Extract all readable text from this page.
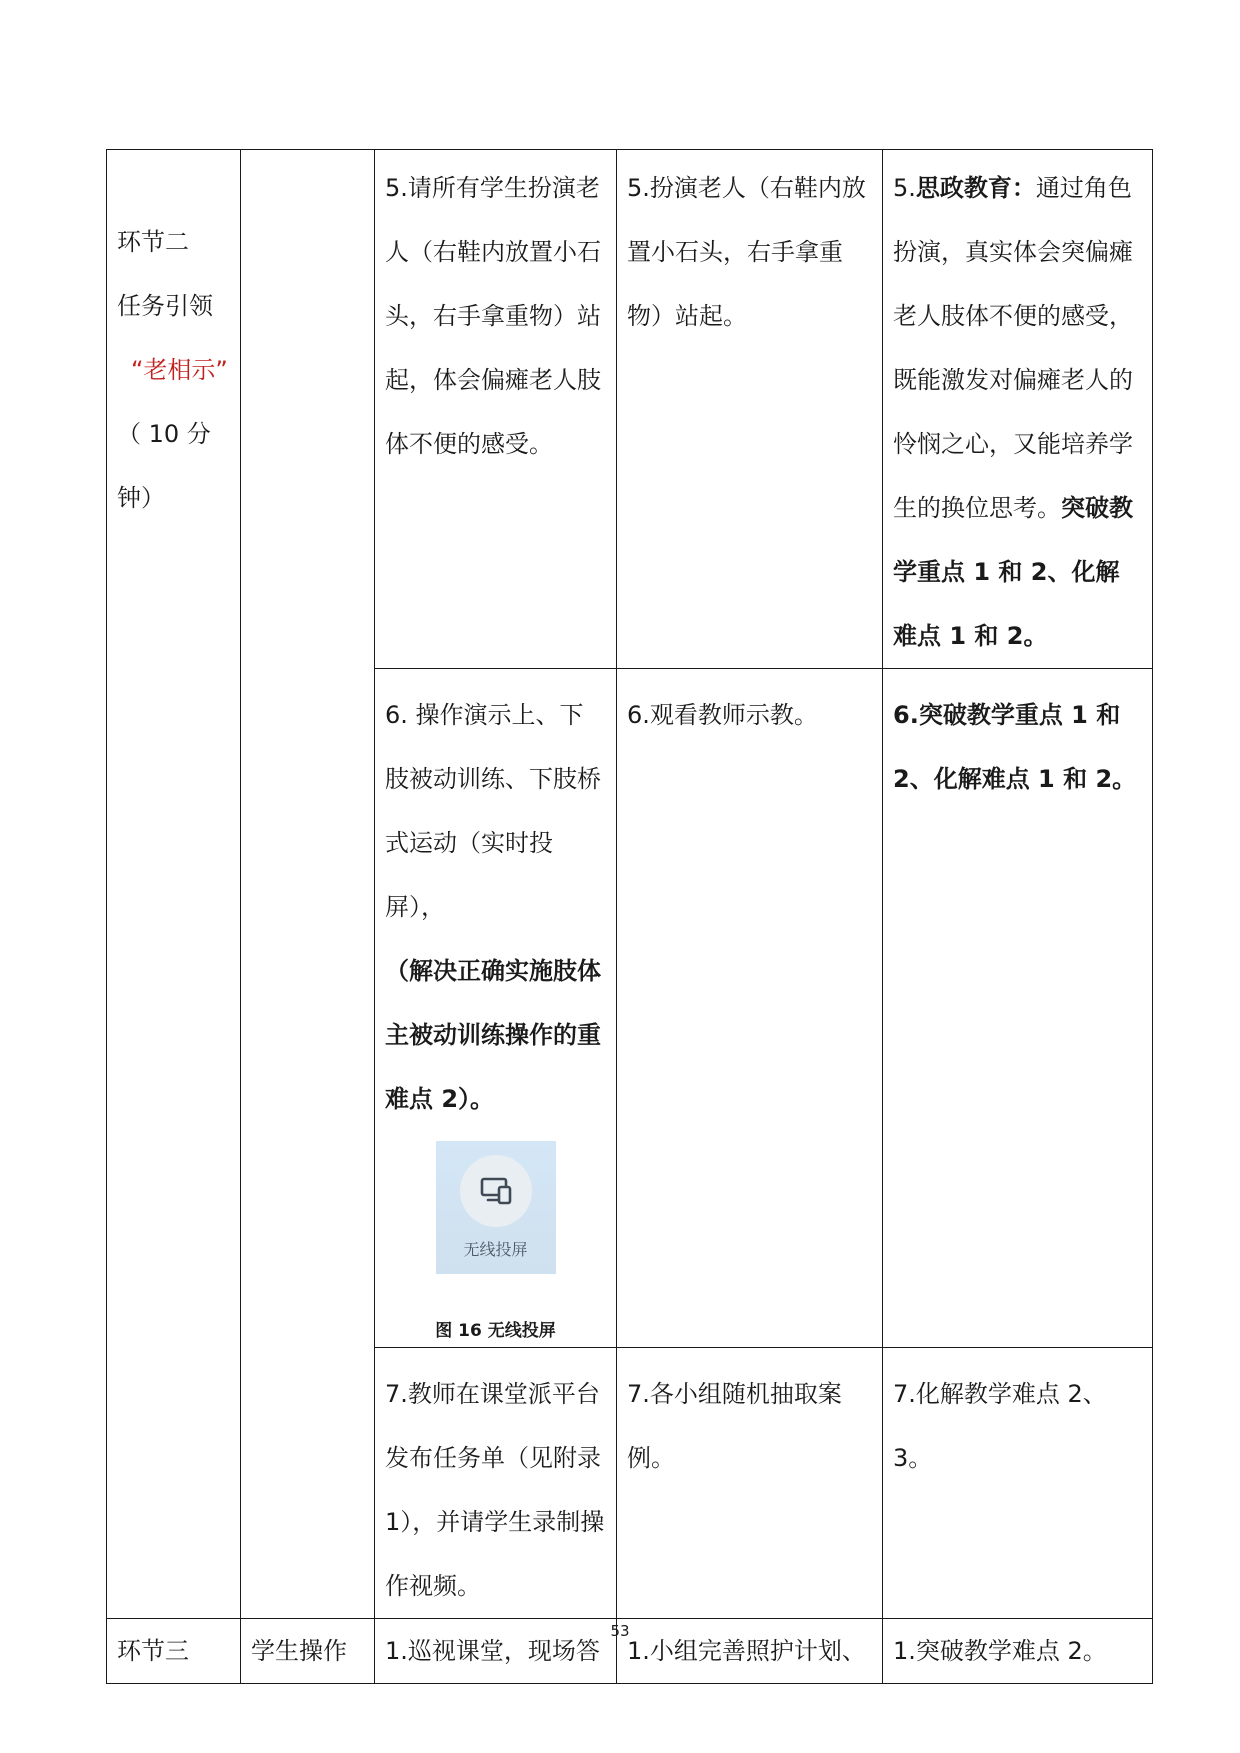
环节二
任务引领
“老相示”
（ 10 分
钟）		5.请所有学生扮演老人（右鞋内放置小石头，右手拿重物）站起，体会偏瘫老人肢体不便的感受。	5.扮演老人（右鞋内放置小石头，右手拿重物）站起。	5.思政教育：通过角色扮演，真实体会突偏瘫老人肢体不便的感受，既能激发对偏瘫老人的怜悯之心，又能培养学生的换位思考。突破教学重点 1 和 2、化解难点 1 和 2。

		6. 操作演示上、下肢被动训练、下肢桥式运动（实时投屏），
（解决正确实施肢体主被动训练操作的重难点 2）。
无线投屏
图 16 无线投屏	6.观看教师示教。	6.突破教学重点 1 和 2、化解难点 1 和 2。
		7.教师在课堂派平台发布任务单（见附录 1），并请学生录制操作视频。	7.各小组随机抽取案例。	7.化解教学难点 2、3。
环节三	学生操作	1.巡视课堂，现场答	1.小组完善照护计划、	1.突破教学难点 2。
53
